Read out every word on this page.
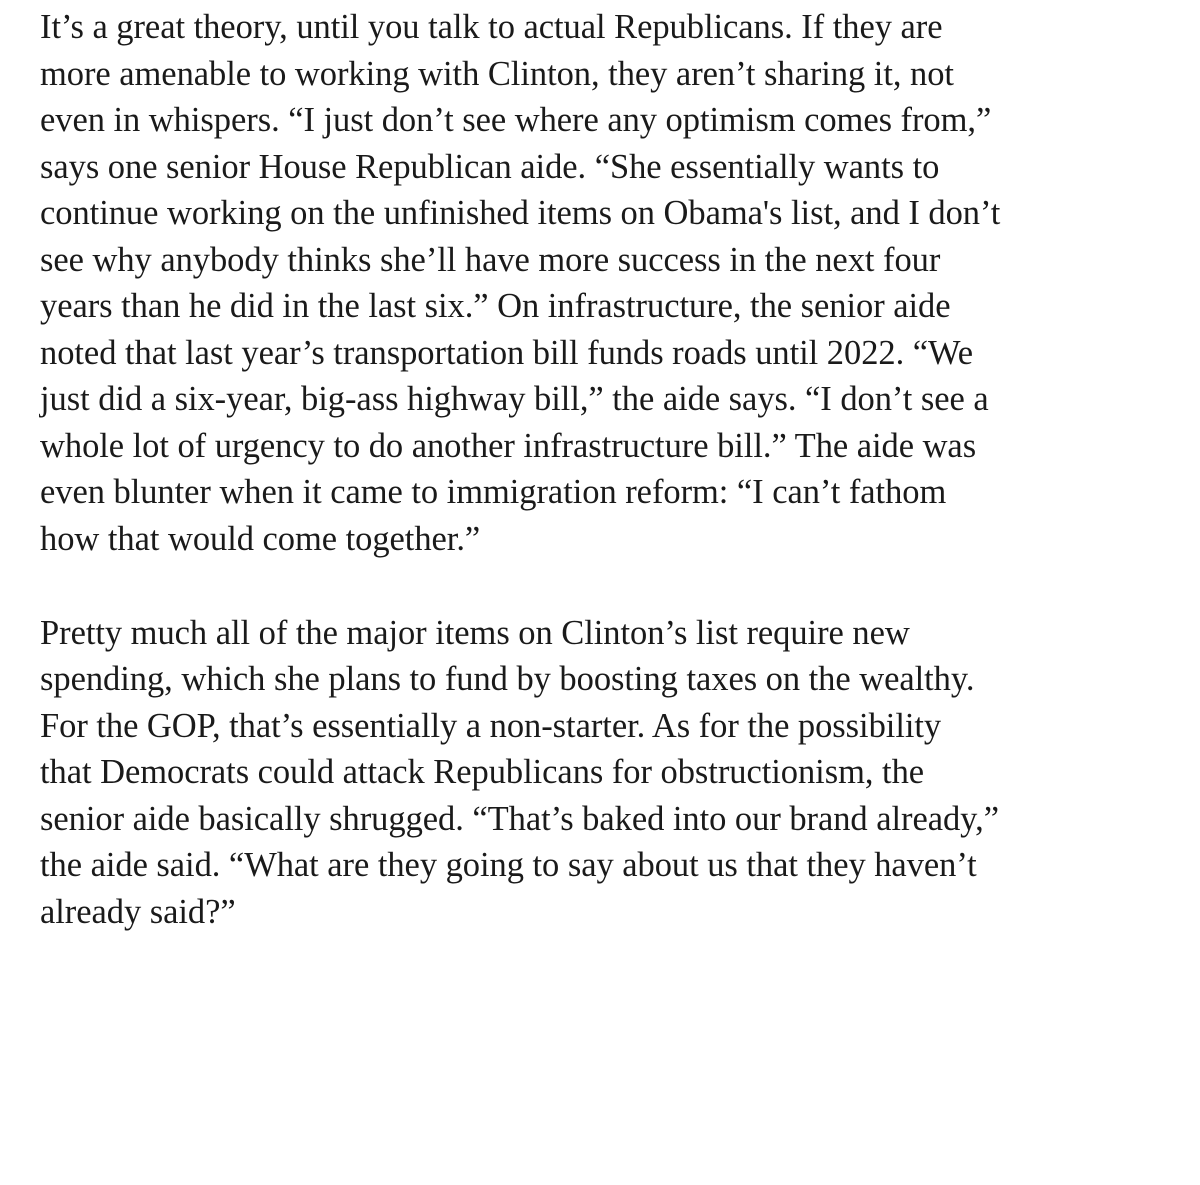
It’s a great theory, until you talk to actual Republicans. If they are
more amenable to working with Clinton, they aren’t sharing it, not
even in whispers. “I just don’t see where any optimism comes from,”
says one senior House Republican aide. “She essentially wants to
continue working on the unfinished items on Obama's list, and I don’t
see why anybody thinks she’ll have more success in the next four
years than he did in the last six.” On infrastructure, the senior aide
noted that last year’s transportation bill funds roads until 2022. “We
just did a six-year, big-ass highway bill,” the aide says. “I don’t see a
whole lot of urgency to do another infrastructure bill.” The aide was
even blunter when it came to immigration reform: “I can’t fathom
how that would come together.”
Pretty much all of the major items on Clinton’s list require new
spending, which she plans to fund by boosting taxes on the wealthy.
For the GOP, that’s essentially a non-starter. As for the possibility
that Democrats could attack Republicans for obstructionism, the
senior aide basically shrugged. “That’s baked into our brand already,”
the aide said. “What are they going to say about us that they haven’t
already said?”
